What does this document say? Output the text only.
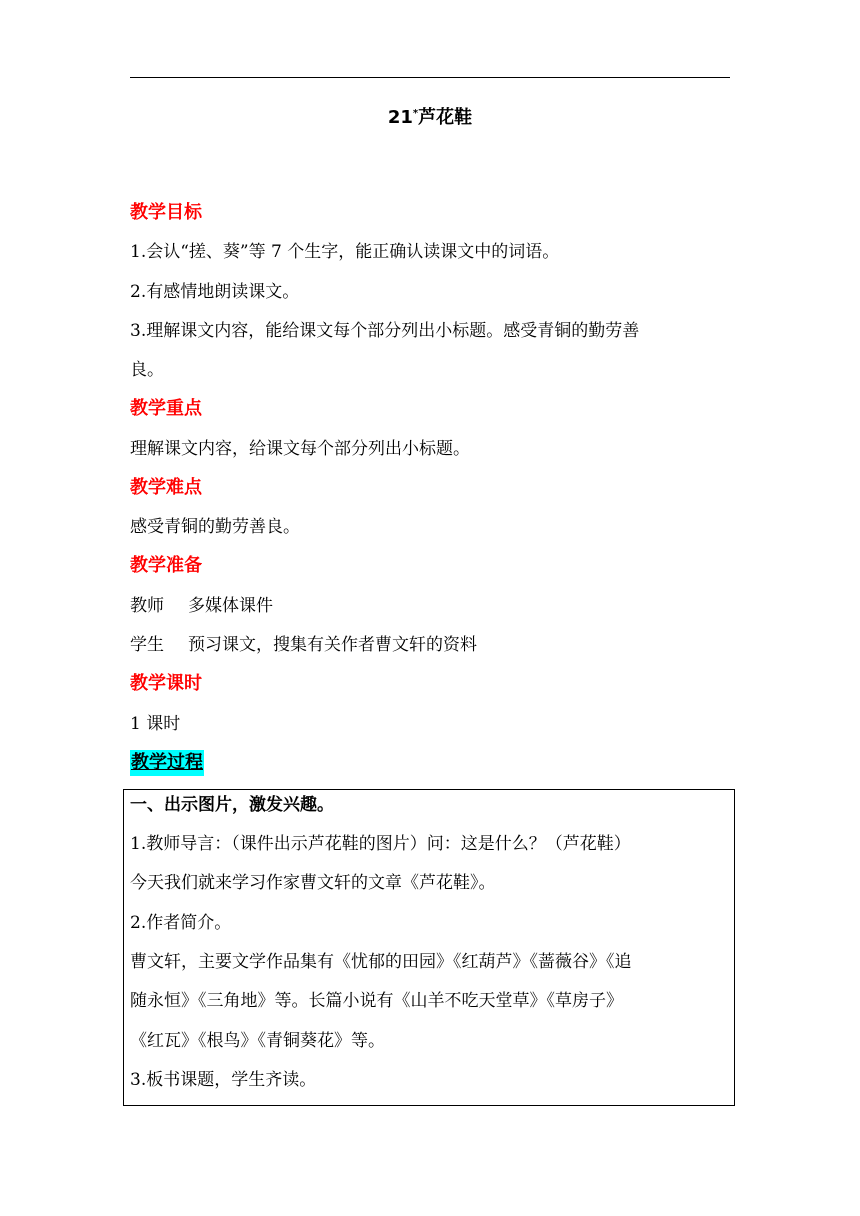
21*芦花鞋
教学目标
1.会认“搓、葵”等 7 个生字，能正确认读课文中的词语。
2.有感情地朗读课文。
3.理解课文内容，能给课文每个部分列出小标题。感受青铜的勤劳善
良。
教学重点
理解课文内容，给课文每个部分列出小标题。
教学难点
感受青铜的勤劳善良。
教学准备
教师 多媒体课件
学生 预习课文，搜集有关作者曹文轩的资料
教学课时
1 课时
教学过程
1.教师导言：（课件出示芦花鞋的图片）问：这是什么？（芦花鞋）
今天我们就来学习作家曹文轩的文章《芦花鞋》。
2.作者简介。
曹文轩，主要文学作品集有《忧郁的田园》《红葫芦》《蔷薇谷》《追
随永恒》《三角地》等。长篇小说有《山羊不吃天堂草》《草房子》
《红瓦》《根鸟》《青铜葵花》等。
3.板书课题，学生齐读。
一、出示图片，激发兴趣。
